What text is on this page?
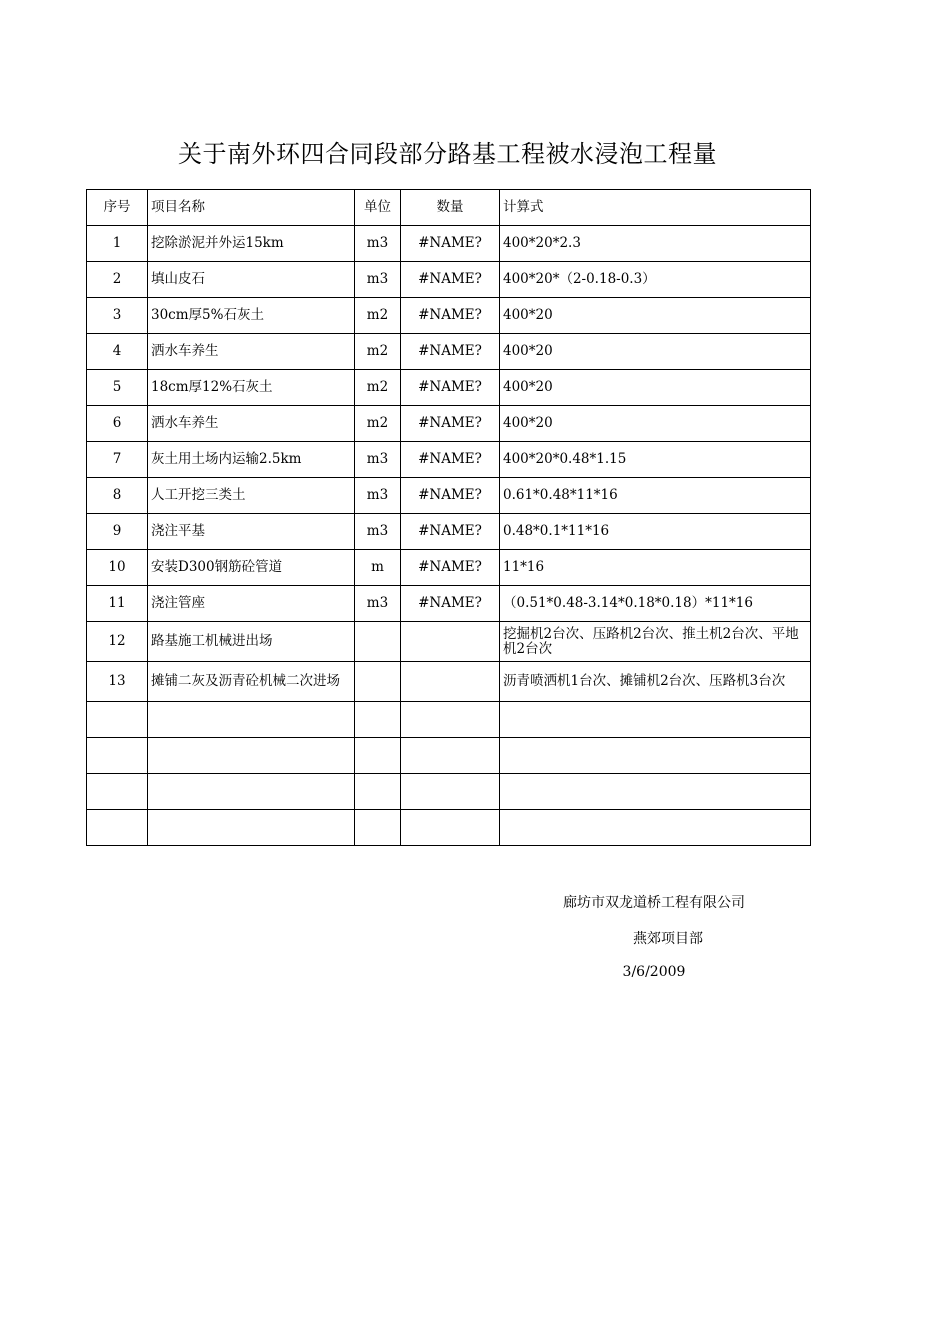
关于南外环四合同段部分路基工程被水浸泡工程量
序号	项目名称	单位	数量	计算式
1	挖除淤泥并外运15km	m3	#NAME?	400*20*2.3
2	填山皮石	m3	#NAME?	400*20*（2-0.18-0.3）
3	30cm厚5%石灰土	m2	#NAME?	400*20
4	洒水车养生	m2	#NAME?	400*20
5	18cm厚12%石灰土	m2	#NAME?	400*20
6	洒水车养生	m2	#NAME?	400*20
7	灰土用土场内运输2.5km	m3	#NAME?	400*20*0.48*1.15
8	人工开挖三类土	m3	#NAME?	0.61*0.48*11*16
9	浇注平基	m3	#NAME?	0.48*0.1*11*16
10	安装D300钢筋砼管道	m	#NAME?	11*16
11	浇注管座	m3	#NAME?	（0.51*0.48-3.14*0.18*0.18）*11*16
12	路基施工机械进出场			挖掘机2台次、压路机2台次、推土机2台次、平地机2台次
13	摊铺二灰及沥青砼机械二次进场			沥青喷洒机1台次、摊铺机2台次、压路机3台次

廊坊市双龙道桥工程有限公司
燕郊项目部
3/6/2009
